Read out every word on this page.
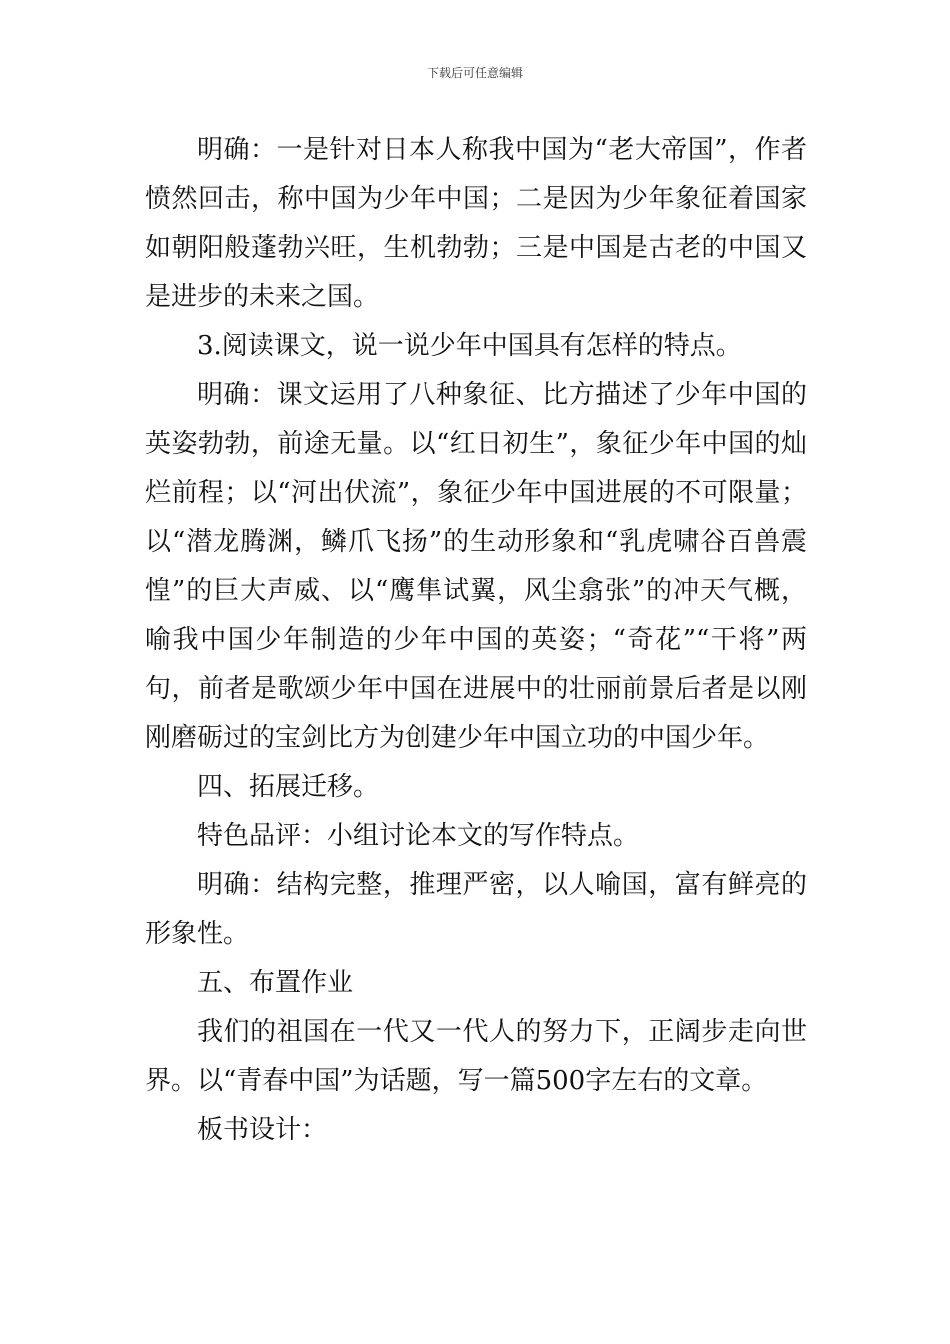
下载后可任意编辑

明确：一是针对日本人称我中国为“老大帝国”，作者愤然回击，称中国为少年中国；二是因为少年象征着国家如朝阳般蓬勃兴旺，生机勃勃；三是中国是古老的中国又是进步的未来之国。

3.阅读课文，说一说少年中国具有怎样的特点。

明确：课文运用了八种象征、比方描述了少年中国的英姿勃勃，前途无量。以“红日初生”，象征少年中国的灿烂前程；以“河出伏流”，象征少年中国进展的不可限量；以“潜龙腾渊，鳞爪飞扬”的生动形象和“乳虎啸谷百兽震惶”的巨大声威、以“鹰隼试翼，风尘翕张”的冲天气概，喻我中国少年制造的少年中国的英姿；“奇花”“干将”两句，前者是歌颂少年中国在进展中的壮丽前景后者是以刚刚磨砺过的宝剑比方为创建少年中国立功的中国少年。

四、拓展迁移。

特色品评：小组讨论本文的写作特点。

明确：结构完整，推理严密，以人喻国，富有鲜亮的形象性。

五、布置作业

我们的祖国在一代又一代人的努力下，正阔步走向世界。以“青春中国”为话题，写一篇500字左右的文章。

板书设计：
